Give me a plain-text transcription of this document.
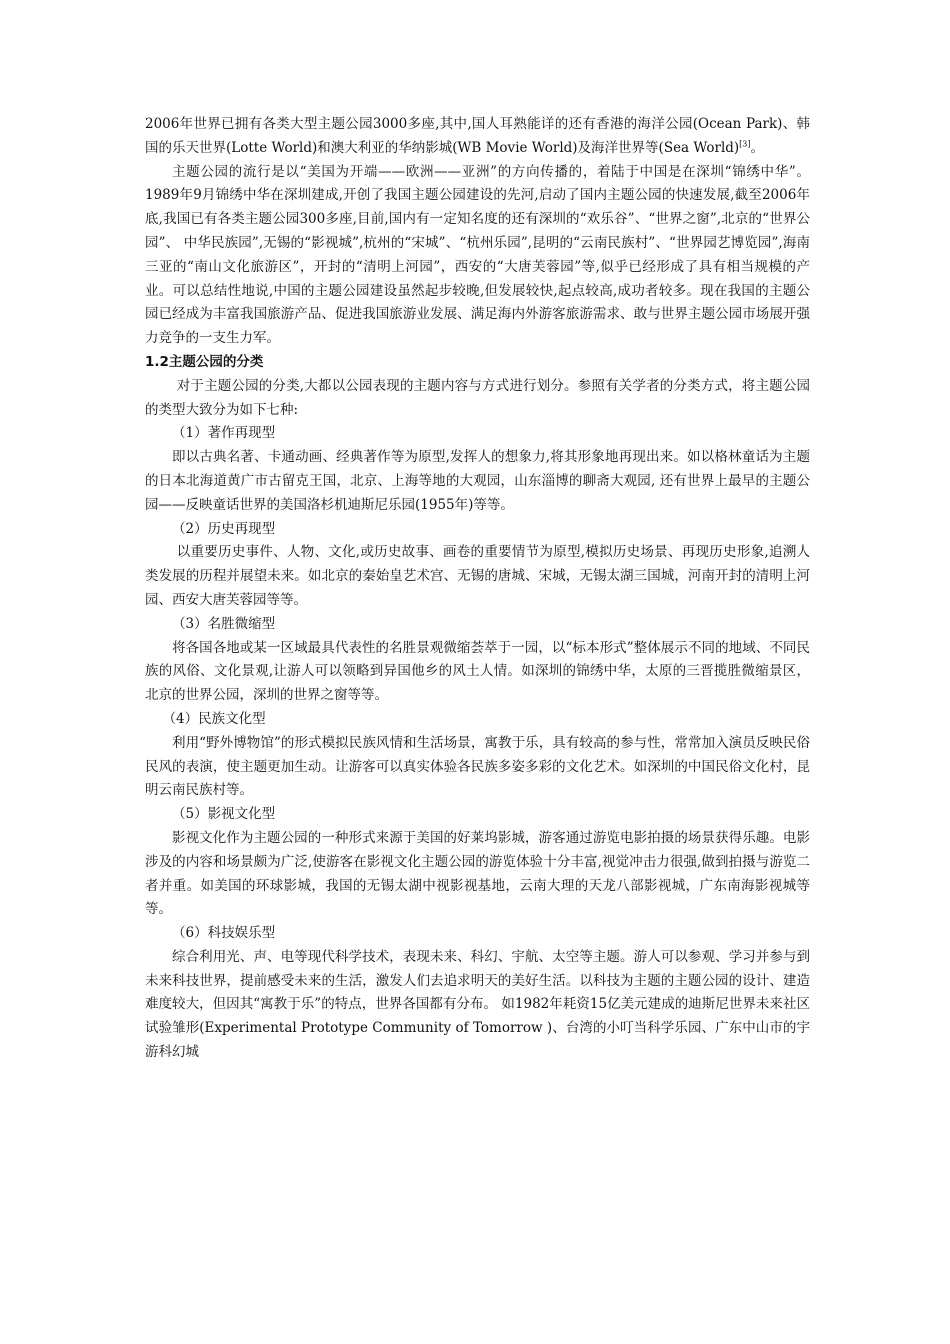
2006年世界已拥有各类大型主题公园3000多座,其中,国人耳熟能详的还有香港的海洋公园(Ocean Park)、韩国的乐天世界(Lotte World)和澳大利亚的华纳影城(WB Movie World)及海洋世界等(Sea World)[3]。

主题公园的流行是以“美国为开端——欧洲——亚洲”的方向传播的，着陆于中国是在深圳“锦绣中华”。 1989年9月锦绣中华在深圳建成,开创了我国主题公园建设的先河,启动了国内主题公园的快速发展,截至2006年底,我国已有各类主题公园300多座,目前,国内有一定知名度的还有深圳的“欢乐谷”、“世界之窗”,北京的“世界公园”、 中华民族园”,无锡的“影视城”,杭州的“宋城”、“杭州乐园”,昆明的“云南民族村”、“世界园艺博览园”,海南三亚的“南山文化旅游区”，开封的“清明上河园”，西安的“大唐芙蓉园”等,似乎已经形成了具有相当规模的产业。可以总结性地说,中国的主题公园建设虽然起步较晚,但发展较快,起点较高,成功者较多。现在我国的主题公园已经成为丰富我国旅游产品、促进我国旅游业发展、满足海内外游客旅游需求、敢与世界主题公园市场展开强力竞争的一支生力军。

1.2主题公园的分类

对于主题公园的分类,大都以公园表现的主题内容与方式进行划分。参照有关学者的分类方式，将主题公园的类型大致分为如下七种:

（1）著作再现型

即以古典名著、卡通动画、经典著作等为原型,发挥人的想象力,将其形象地再现出来。如以格林童话为主题的日本北海道黄广市古留克王国，北京、上海等地的大观园，山东淄博的聊斋大观园, 还有世界上最早的主题公园——反映童话世界的美国洛杉机迪斯尼乐园(1955年)等等。

（2）历史再现型

以重要历史事件、人物、文化,或历史故事、画卷的重要情节为原型,模拟历史场景、再现历史形象,追溯人类发展的历程并展望未来。如北京的秦始皇艺术宫、无锡的唐城、宋城，无锡太湖三国城，河南开封的清明上河园、西安大唐芙蓉园等等。

（3）名胜微缩型

将各国各地或某一区域最具代表性的名胜景观微缩荟萃于一园，以“标本形式”整体展示不同的地域、不同民族的风俗、文化景观,让游人可以领略到异国他乡的风土人情。如深圳的锦绣中华，太原的三晋揽胜微缩景区，北京的世界公园，深圳的世界之窗等等。

（4）民族文化型

利用“野外博物馆”的形式模拟民族风情和生活场景，寓教于乐，具有较高的参与性，常常加入演员反映民俗民风的表演，使主题更加生动。让游客可以真实体验各民族多姿多彩的文化艺术。如深圳的中国民俗文化村，昆明云南民族村等。

（5）影视文化型

影视文化作为主题公园的一种形式来源于美国的好莱坞影城，游客通过游览电影拍摄的场景获得乐趣。电影涉及的内容和场景颇为广泛,使游客在影视文化主题公园的游览体验十分丰富,视觉冲击力很强,做到拍摄与游览二者并重。如美国的环球影城，我国的无锡太湖中视影视基地，云南大理的天龙八部影视城，广东南海影视城等等。

（6）科技娱乐型

综合利用光、声、电等现代科学技术，表现未来、科幻、宇航、太空等主题。游人可以参观、学习并参与到未来科技世界，提前感受未来的生活，激发人们去追求明天的美好生活。以科技为主题的主题公园的设计、建造难度较大，但因其“寓教于乐”的特点，世界各国都有分布。 如1982年耗资15亿美元建成的迪斯尼世界未来社区试验雏形(Experimental Prototype Community of Tomorrow )、台湾的小叮当科学乐园、广东中山市的宇游科幻城
